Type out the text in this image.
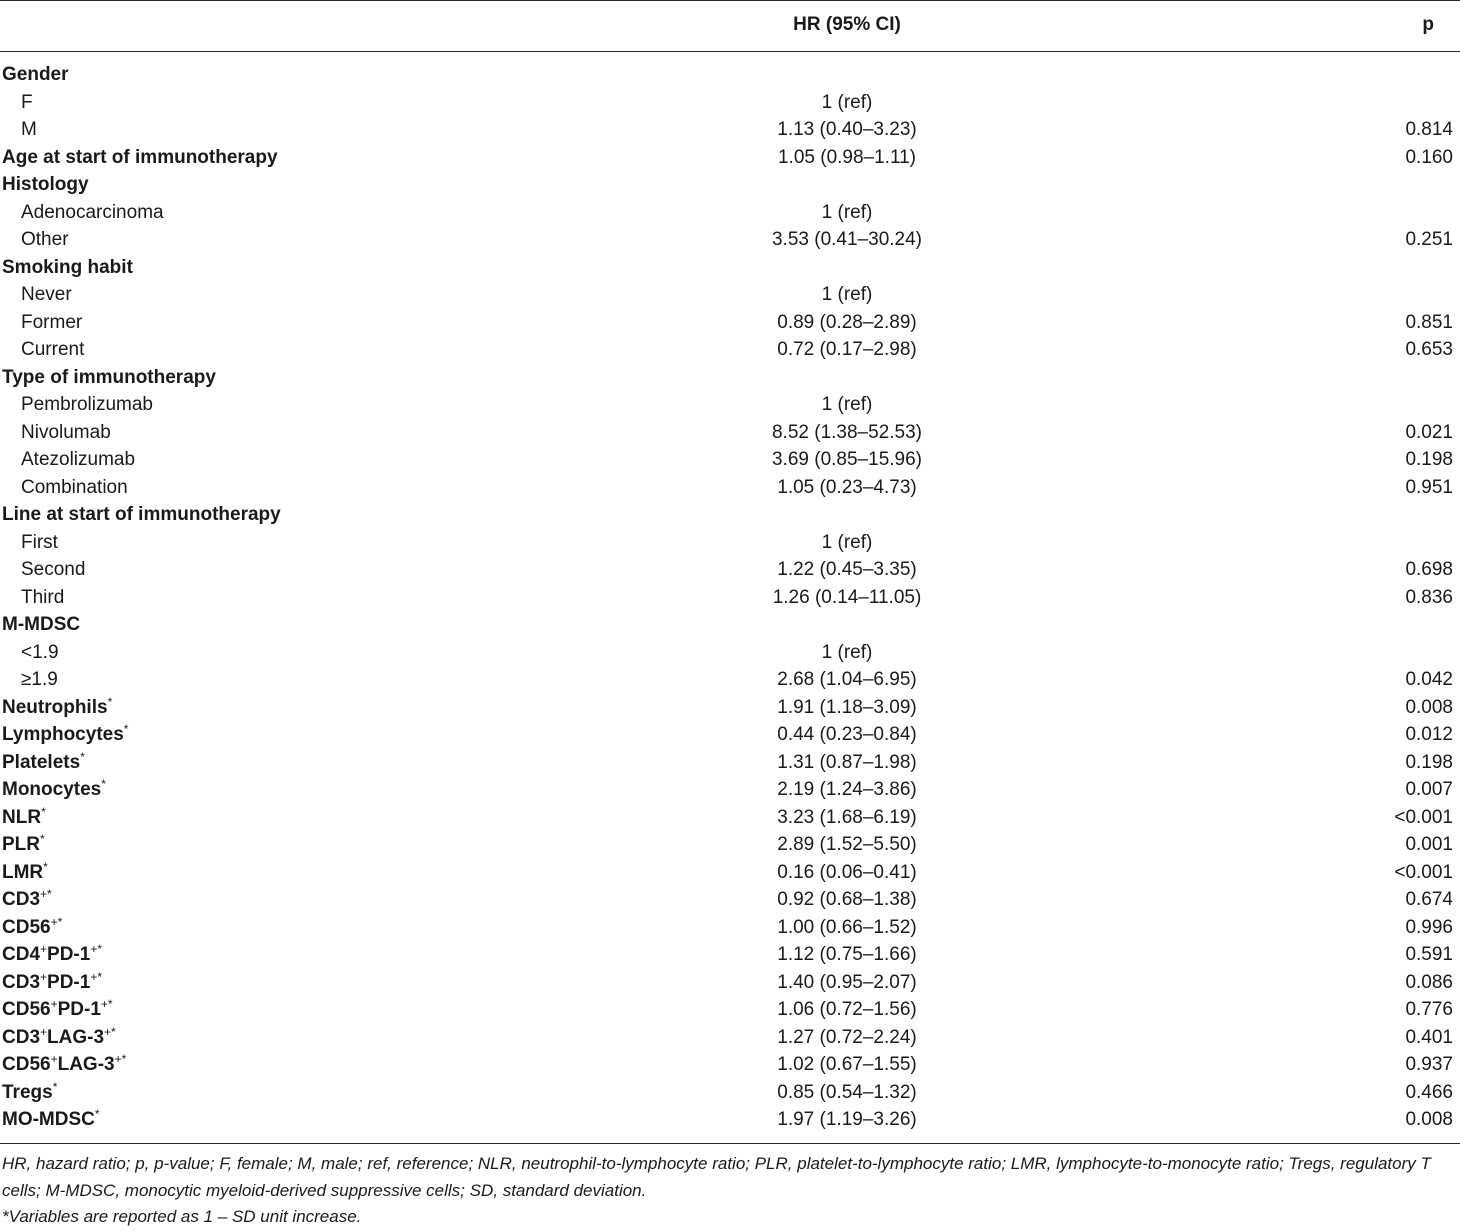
HR (95% CI)	p
Gender
F	1 (ref)
M	1.13 (0.40–3.23)	0.814
Age at start of immunotherapy	1.05 (0.98–1.11)	0.160
Histology
Adenocarcinoma	1 (ref)
Other	3.53 (0.41–30.24)	0.251
Smoking habit
Never	1 (ref)
Former	0.89 (0.28–2.89)	0.851
Current	0.72 (0.17–2.98)	0.653
Type of immunotherapy
Pembrolizumab	1 (ref)
Nivolumab	8.52 (1.38–52.53)	0.021
Atezolizumab	3.69 (0.85–15.96)	0.198
Combination	1.05 (0.23–4.73)	0.951
Line at start of immunotherapy
First	1 (ref)
Second	1.22 (0.45–3.35)	0.698
Third	1.26 (0.14–11.05)	0.836
M-MDSC
<1.9	1 (ref)
≥1.9	2.68 (1.04–6.95)	0.042
Neutrophils*	1.91 (1.18–3.09)	0.008
Lymphocytes*	0.44 (0.23–0.84)	0.012
Platelets*	1.31 (0.87–1.98)	0.198
Monocytes*	2.19 (1.24–3.86)	0.007
NLR*	3.23 (1.68–6.19)	<0.001
PLR*	2.89 (1.52–5.50)	0.001
LMR*	0.16 (0.06–0.41)	<0.001
CD3+*	0.92 (0.68–1.38)	0.674
CD56+*	1.00 (0.66–1.52)	0.996
CD4+PD-1+*	1.12 (0.75–1.66)	0.591
CD3+PD-1+*	1.40 (0.95–2.07)	0.086
CD56+PD-1+*	1.06 (0.72–1.56)	0.776
CD3+LAG-3+*	1.27 (0.72–2.24)	0.401
CD56+LAG-3+*	1.02 (0.67–1.55)	0.937
Tregs*	0.85 (0.54–1.32)	0.466
MO-MDSC*	1.97 (1.19–3.26)	0.008
HR, hazard ratio; p, p-value; F, female; M, male; ref, reference; NLR, neutrophil-to-lymphocyte ratio; PLR, platelet-to-lymphocyte ratio; LMR, lymphocyte-to-monocyte ratio; Tregs, regulatory T cells; M-MDSC, monocytic myeloid-derived suppressive cells; SD, standard deviation.
*Variables are reported as 1 – SD unit increase.
